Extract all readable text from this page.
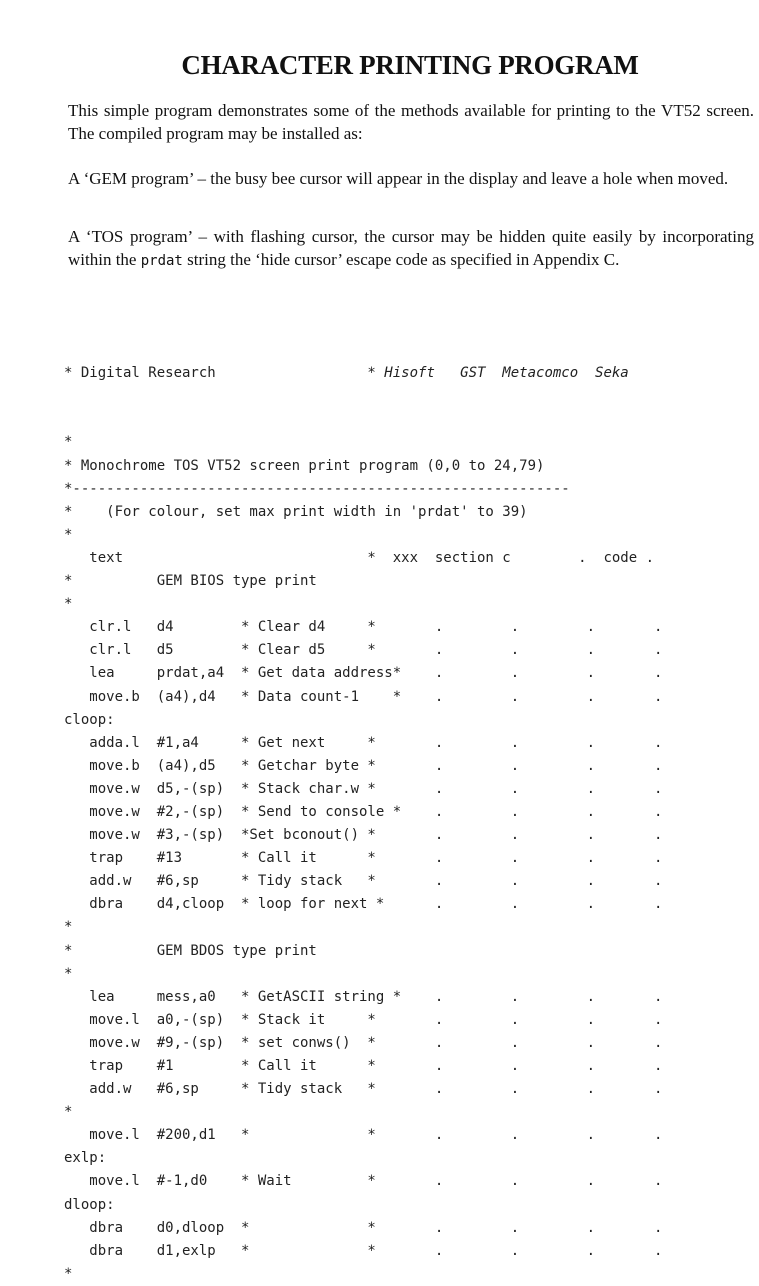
CHARACTER PRINTING PROGRAM
This simple program demonstrates some of the methods available for printing to the VT52 screen. The compiled program may be installed as:
A ‘GEM program’ – the busy bee cursor will appear in the display and leave a hole when moved.
A ‘TOS program’ – with flashing cursor, the cursor may be hidden quite easily by incorporating within the prdat string the ‘hide cursor’ escape code as specified in Appendix C.

* Digital Research                  * Hisoft   GST  Metacomco  Seka

*
* Monochrome TOS VT52 screen print program (0,0 to 24,79)
*-----------------------------------------------------------
*    (For colour, set max print width in 'prdat' to 39)
*
text                             *  xxx  section c        .  code .
*          GEM BIOS type print
*
clr.l   d4        * Clear d4     *       .        .        .       .
clr.l   d5        * Clear d5     *       .        .        .       .
lea     prdat,a4  * Get data address*    .        .        .       .
move.b  (a4),d4   * Data count-1    *    .        .        .       .
cloop:
adda.l  #1,a4     * Get next     *       .        .        .       .
move.b  (a4),d5   * Getchar byte *       .        .        .       .
move.w  d5,-(sp)  * Stack char.w *       .        .        .       .
move.w  #2,-(sp)  * Send to console *    .        .        .       .
move.w  #3,-(sp)  *Set bconout() *       .        .        .       .
trap    #13       * Call it      *       .        .        .       .
add.w   #6,sp     * Tidy stack   *       .        .        .       .
dbra    d4,cloop  * loop for next *      .        .        .       .
*
*          GEM BDOS type print
*
lea     mess,a0   * GetASCII string *    .        .        .       .
move.l  a0,-(sp)  * Stack it     *       .        .        .       .
move.w  #9,-(sp)  * set conws()  *       .        .        .       .
trap    #1        * Call it      *       .        .        .       .
add.w   #6,sp     * Tidy stack   *       .        .        .       .
*
move.l  #200,d1   *              *       .        .        .       .
exlp:
move.l  #-1,d0    * Wait         *       .        .        .       .
dloop:
dbra    d0,dloop  *              *       .        .        .       .
dbra    d1,exlp   *              *       .        .        .       .
*
